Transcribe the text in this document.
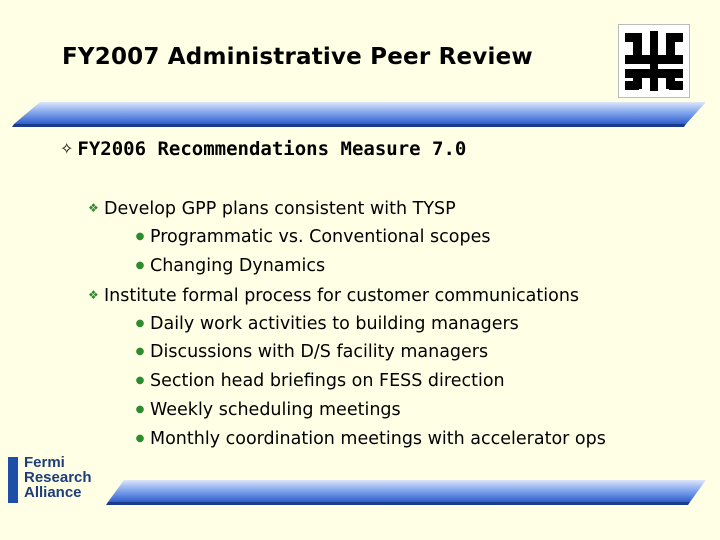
FY2007 Administrative Peer Review
✧ FY2006 Recommendations Measure 7.0
❖ Develop GPP plans consistent with TYSP
● Programmatic vs. Conventional scopes
● Changing Dynamics
❖ Institute formal process for customer communications
● Daily work activities to building managers
● Discussions with D/S facility managers
● Section head briefings on FESS direction
● Weekly scheduling meetings
● Monthly coordination meetings with accelerator ops
Fermi
Research
Alliance
